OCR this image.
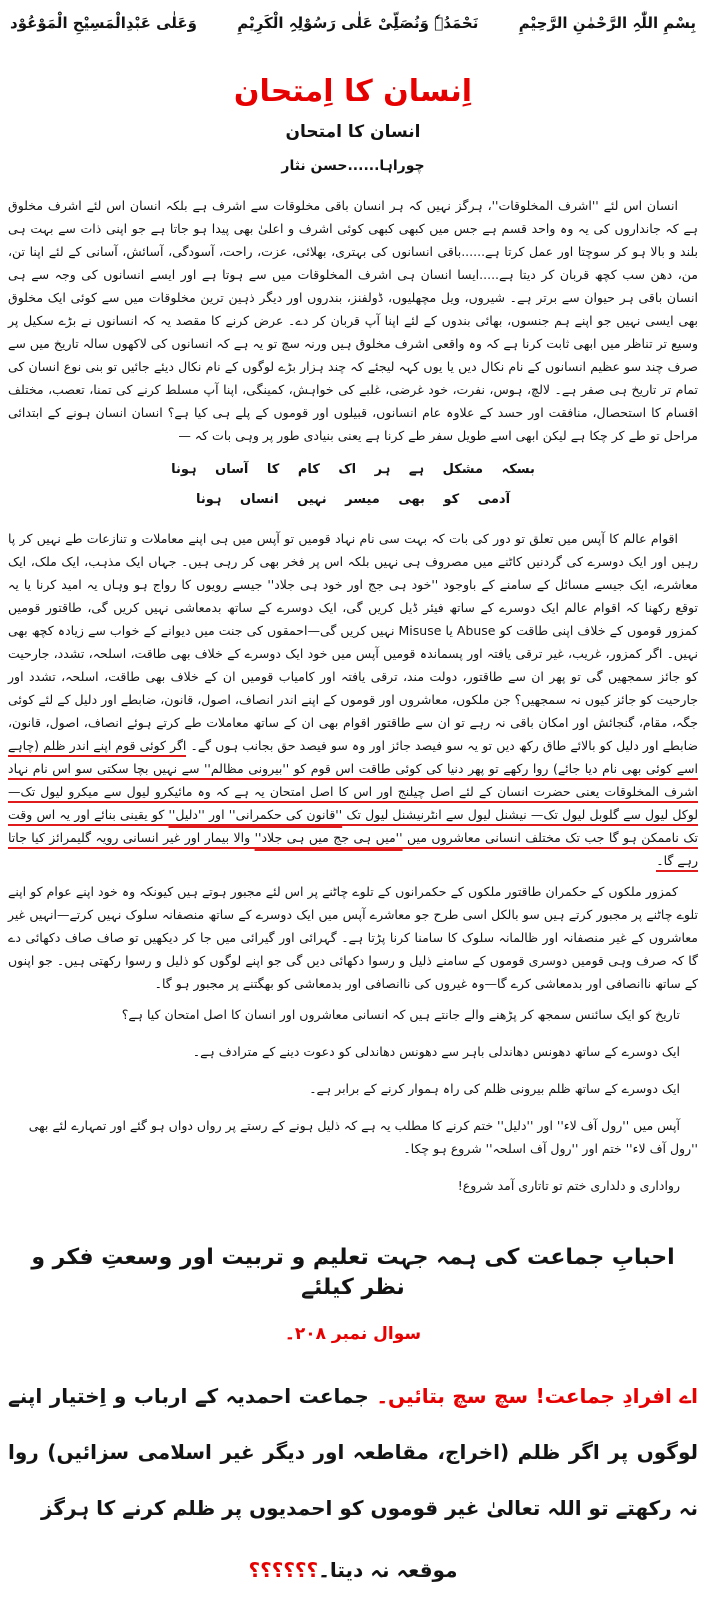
بِسْمِ اللّٰہِ الرَّحْمٰنِ الرَّحِیْمِ
نَحْمَدُہٗ وَنُصَلِّیْ عَلٰی رَسُوْلِہِ الْکَرِیْمِ
وَعَلٰی عَبْدِالْمَسِیْحِ الْمَوْعُوْد
اِنسان کا اِمتحان
انسان کا امتحان
چوراہا......حسن نثار

انسان اس لئے ''اشرف المخلوقات''، ہرگز نہیں کہ ہر انسان باقی مخلوقات سے اشرف ہے بلکہ انسان اس لئے اشرف مخلوق ہے کہ جانداروں کی یہ وہ واحد قسم ہے جس میں کبھی کبھی کوئی اشرف و اعلیٰ بھی پیدا ہو جاتا ہے جو اپنی ذات سے بہت ہی بلند و بالا ہو کر سوچتا اور عمل کرتا ہے......باقی انسانوں کی بہتری، بھلائی، عزت، راحت، آسودگی، آسائش، آسانی کے لئے اپنا تن، من، دھن سب کچھ قربان کر دیتا ہے.....ایسا انسان ہی اشرف المخلوقات میں سے ہوتا ہے اور ایسے انسانوں کی وجہ سے ہی انسان باقی ہر حیوان سے برتر ہے۔ شیروں، ویل مچھلیوں، ڈولفنز، بندروں اور دیگر ذہین ترین مخلوقات میں سے کوئی ایک مخلوق بھی ایسی نہیں جو اپنے ہم جنسوں، بھائی بندوں کے لئے اپنا آپ قربان کر دے۔ عرض کرنے کا مقصد یہ کہ انسانوں نے بڑے سکیل پر وسیع تر تناظر میں ابھی ثابت کرنا ہے کہ وہ واقعی اشرف مخلوق ہیں ورنہ سچ تو یہ ہے کہ انسانوں کی لاکھوں سالہ تاریخ میں سے صرف چند سو عظیم انسانوں کے نام نکال دیں یا یوں کہہ لیجئے کہ چند ہزار بڑے لوگوں کے نام نکال دیئے جائیں تو بنی نوع انسان کی تمام تر تاریخ ہی صفر ہے۔ لالچ، ہوس، نفرت، خود غرضی، غلبے کی خواہش، کمینگی، اپنا آپ مسلط کرنے کی تمنا، تعصب، مختلف اقسام کا استحصال، منافقت اور حسد کے علاوہ عام انسانوں، قبیلوں اور قوموں کے پلے ہی کیا ہے؟ انسان انسان ہونے کے ابتدائی مراحل تو طے کر چکا ہے لیکن ابھی اسے طویل سفر طے کرنا ہے یعنی بنیادی طور پر وہی بات کہ —

بسکہ مشکل ہے ہر اک کام کا آساں ہونا
آدمی کو بھی میسر نہیں انساں ہونا

اقوام عالم کا آپس میں تعلق تو دور کی بات کہ بہت سی نام نہاد قومیں تو آپس میں ہی اپنے معاملات و تنازعات طے نہیں کر پا رہیں اور ایک دوسرے کی گردنیں کاٹنے میں مصروف ہی نہیں بلکہ اس پر فخر بھی کر رہی ہیں۔ جہاں ایک مذہب، ایک ملک، ایک معاشرے، ایک جیسے مسائل کے سامنے کے باوجود ''خود ہی جج اور خود ہی جلاد'' جیسے رویوں کا رواج ہو وہاں یہ امید کرنا یا یہ توقع رکھنا کہ اقوام عالم ایک دوسرے کے ساتھ فیئر ڈیل کریں گی، ایک دوسرے کے ساتھ بدمعاشی نہیں کریں گی، طاقتور قومیں کمزور قوموں کے خلاف اپنی طاقت کو Abuse یا Misuse نہیں کریں گی—احمقوں کی جنت میں دیوانے کے خواب سے زیادہ کچھ بھی نہیں۔ اگر کمزور، غریب، غیر ترقی یافتہ اور پسماندہ قومیں آپس میں خود ایک دوسرے کے خلاف بھی طاقت، اسلحہ، تشدد، جارحیت کو جائز سمجھیں گی تو پھر ان سے طاقتور، دولت مند، ترقی یافتہ اور کامیاب قومیں ان کے خلاف بھی طاقت، اسلحہ، تشدد اور جارحیت کو جائز کیوں نہ سمجھیں؟ جن ملکوں، معاشروں اور قوموں کے اپنے اندر انصاف، اصول، قانون، ضابطے اور دلیل کے لئے کوئی جگہ، مقام، گنجائش اور امکان باقی نہ رہے تو ان سے طاقتور اقوام بھی ان کے ساتھ معاملات طے کرتے ہوئے انصاف، اصول، قانون، ضابطے اور دلیل کو بالائے طاق رکھ دیں تو یہ سو فیصد جائز اور وہ سو فیصد حق بجانب ہوں گے۔ اگر کوئی قوم اپنے اندر ظلم (چاہے اسے کوئی بھی نام دیا جائے) روا رکھے تو پھر دنیا کی کوئی طاقت اس قوم کو ''بیرونی مظالم'' سے نہیں بچا سکتی سو اس نام نہاد اشرف المخلوقات یعنی حضرت انسان کے لئے اصل چیلنج اور اس کا اصل امتحان یہ ہے کہ وہ مائیکرو لیول سے میکرو لیول تک— لوکل لیول سے گلوبل لیول تک— نیشنل لیول سے انٹرنیشنل لیول تک ''قانون کی حکمرانی'' اور ''دلیل'' کو یقینی بنائے اور یہ اس وقت تک ناممکن ہو گا جب تک مختلف انسانی معاشروں میں ''میں ہی جج میں ہی جلاد'' والا بیمار اور غیر انسانی رویہ گلیمرائز کیا جاتا رہے گا۔

کمزور ملکوں کے حکمران طاقتور ملکوں کے حکمرانوں کے تلوے چاٹنے پر اس لئے مجبور ہوتے ہیں کیونکہ وہ خود اپنے عوام کو اپنے تلوے چاٹنے پر مجبور کرتے ہیں سو بالکل اسی طرح جو معاشرے آپس میں ایک دوسرے کے ساتھ منصفانہ سلوک نہیں کرتے—انہیں غیر معاشروں کے غیر منصفانہ اور ظالمانہ سلوک کا سامنا کرنا پڑتا ہے۔ گہرائی اور گیرائی میں جا کر دیکھیں تو صاف صاف دکھائی دے گا کہ صرف وہی قومیں دوسری قوموں کے سامنے ذلیل و رسوا دکھائی دیں گی جو اپنے لوگوں کو ذلیل و رسوا رکھتی ہیں۔ جو اپنوں کے ساتھ ناانصافی اور بدمعاشی کرے گا—وہ غیروں کی ناانصافی اور بدمعاشی کو بھگتنے پر مجبور ہو گا۔

تاریخ کو ایک سائنس سمجھ کر پڑھنے والے جانتے ہیں کہ انسانی معاشروں اور انسان کا اصل امتحان کیا ہے؟

ایک دوسرے کے ساتھ دھونس دھاندلی باہر سے دھونس دھاندلی کو دعوت دینے کے مترادف ہے۔

ایک دوسرے کے ساتھ ظلم بیرونی ظلم کی راہ ہموار کرنے کے برابر ہے۔

آپس میں ''رول آف لاء'' اور ''دلیل'' ختم کرنے کا مطلب یہ ہے کہ ذلیل ہونے کے رستے پر رواں دواں ہو گئے اور تمہارے لئے بھی ''رول آف لاء'' ختم اور ''رول آف اسلحہ'' شروع ہو چکا۔

رواداری و دلداری ختم تو تاتاری آمد شروع!

احبابِ جماعت کی ہمہ جہت تعلیم و تربیت اور وسعتِ فکر و نظر کیلئے
سوال نمبر ۲۰۸۔

اے افرادِ جماعت! سچ سچ بتائیں۔ جماعت احمدیہ کے ارباب و اِختیار اپنے لوگوں پر اگر ظلم (اخراج، مقاطعہ اور دیگر غیر اسلامی سزائیں) روا نہ رکھتے تو اللہ تعالیٰ غیر قوموں کو احمدیوں پر ظلم کرنے کا ہرگز

موقعہ نہ دیتا۔؟؟؟؟؟؟
